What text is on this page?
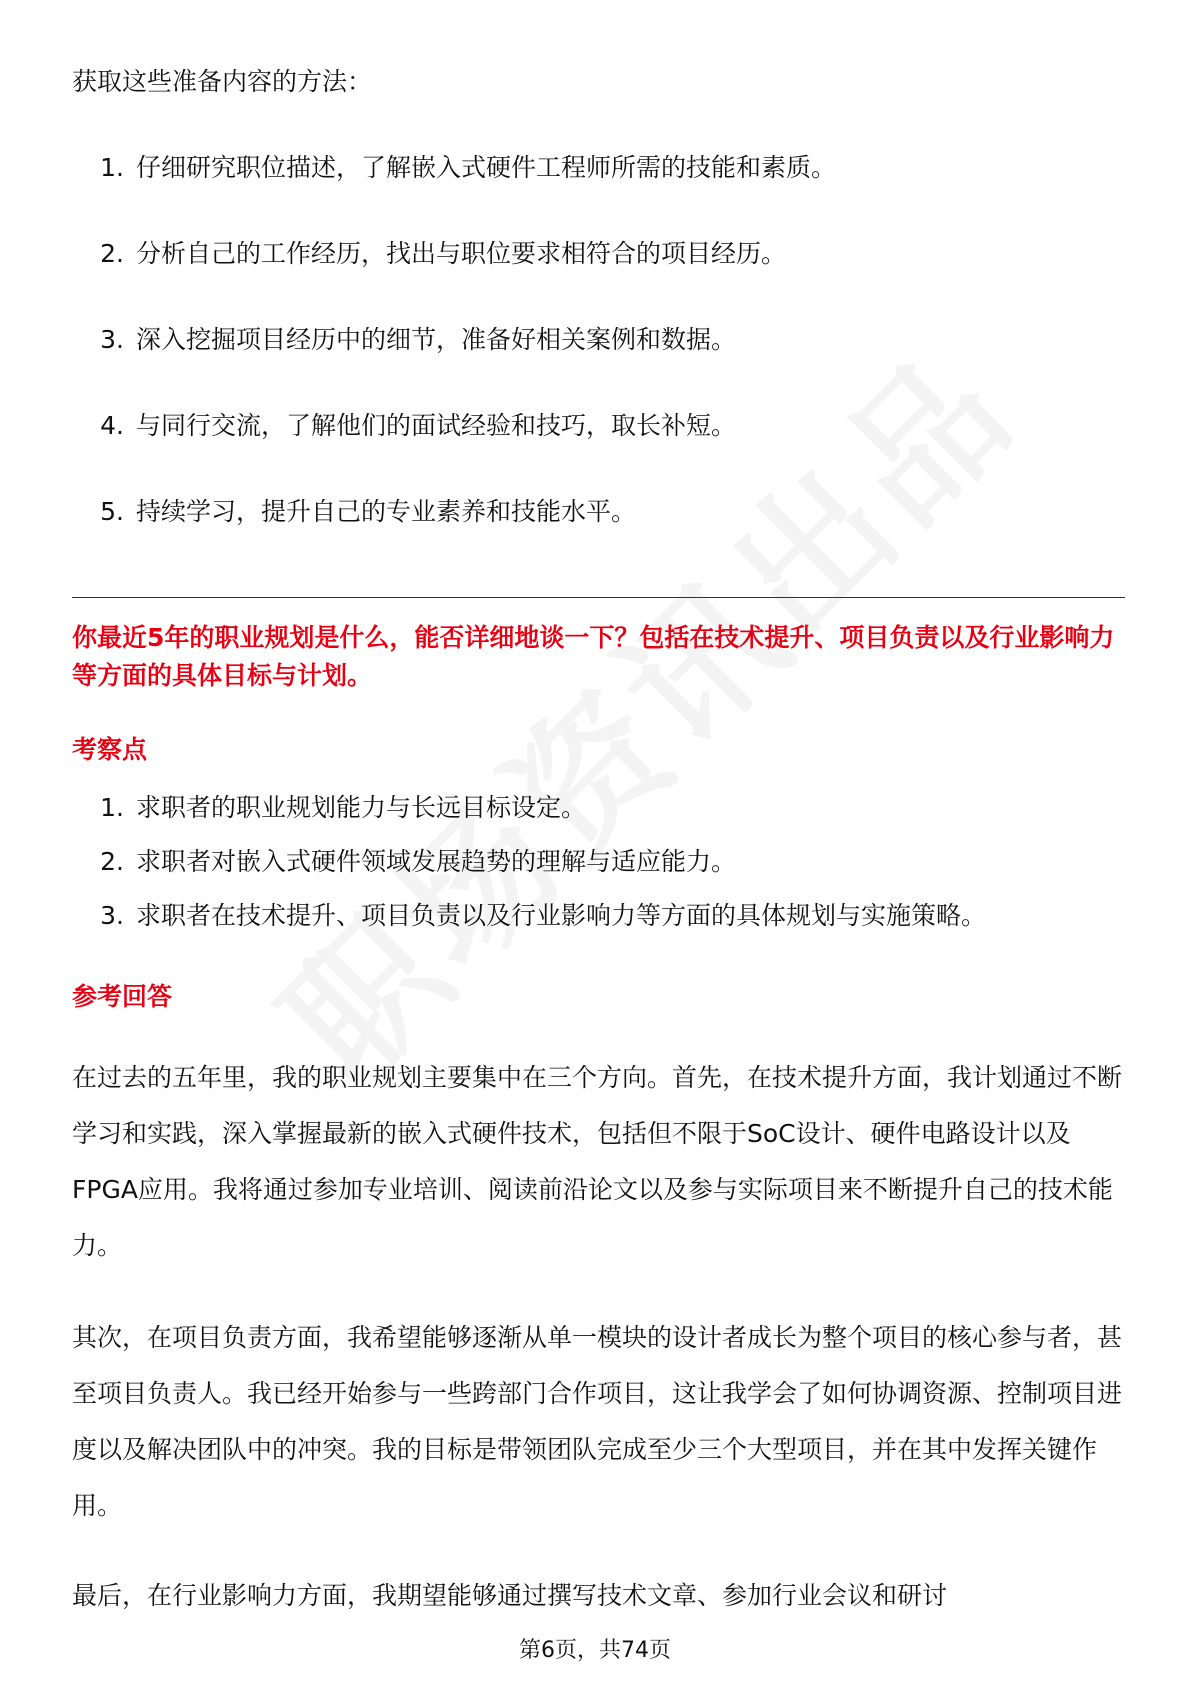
获取这些准备内容的方法：
1. 仔细研究职位描述，了解嵌入式硬件工程师所需的技能和素质。
2. 分析自己的工作经历，找出与职位要求相符合的项目经历。
3. 深入挖掘项目经历中的细节，准备好相关案例和数据。
4. 与同行交流，了解他们的面试经验和技巧，取长补短。
5. 持续学习，提升自己的专业素养和技能水平。
你最近5年的职业规划是什么，能否详细地谈一下？包括在技术提升、项目负责以及行业影响力等方面的具体目标与计划。
考察点
1. 求职者的职业规划能力与长远目标设定。
2. 求职者对嵌入式硬件领域发展趋势的理解与适应能力。
3. 求职者在技术提升、项目负责以及行业影响力等方面的具体规划与实施策略。
参考回答

在过去的五年里，我的职业规划主要集中在三个方向。首先，在技术提升方面，我计划通过不断学习和实践，深入掌握最新的嵌入式硬件技术，包括但不限于SoC设计、硬件电路设计以及FPGA应用。我将通过参加专业培训、阅读前沿论文以及参与实际项目来不断提升自己的技术能力。

其次，在项目负责方面，我希望能够逐渐从单一模块的设计者成长为整个项目的核心参与者，甚至项目负责人。我已经开始参与一些跨部门合作项目，这让我学会了如何协调资源、控制项目进度以及解决团队中的冲突。我的目标是带领团队完成至少三个大型项目，并在其中发挥关键作用。

最后，在行业影响力方面，我期望能够通过撰写技术文章、参加行业会议和研讨

第6页，共74页
